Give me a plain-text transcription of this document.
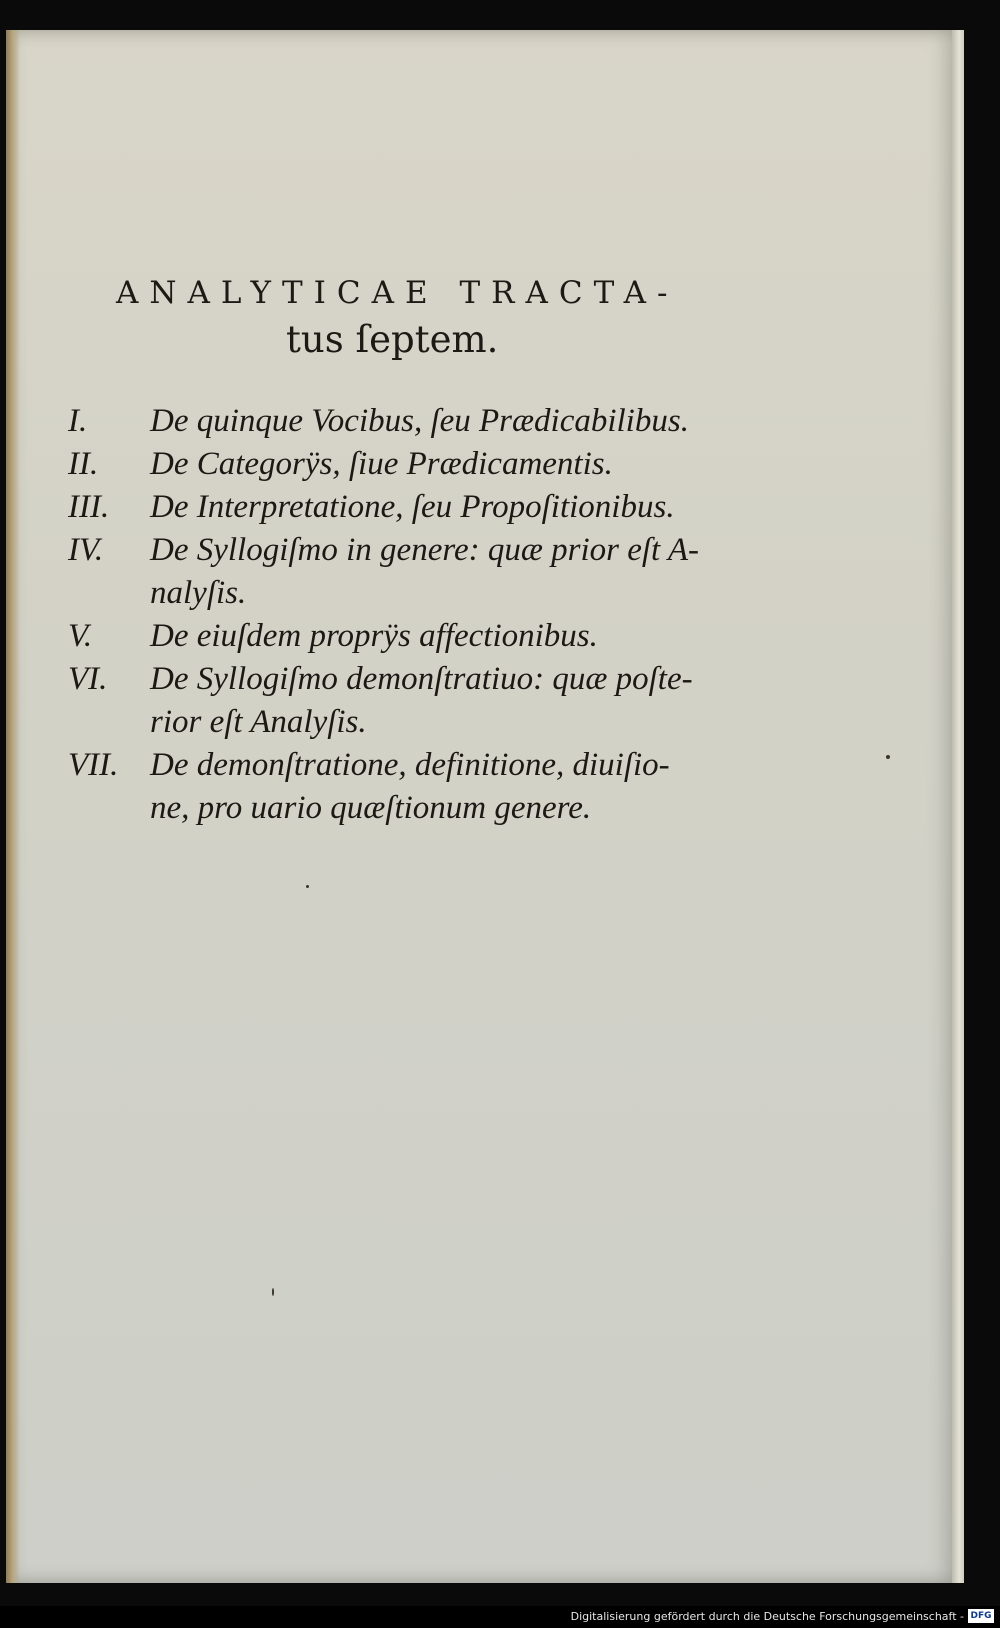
ANALYTICAE TRACTA-
tus ſeptem.
I.	De quinque Vocibus, ſeu Prædicabilibus.
II.	De Categorÿs, ſiue Prædicamentis.
III.	De Interpretatione, ſeu Propoſitionibus.
IV.	De Syllogiſmo in genere: quæ prior eſt A-
nalyſis.
V.	De eiuſdem proprÿs affectionibus.
VI.	De Syllogiſmo demonſtratiuo: quæ poſte-
rior eſt Analyſis.
VII. De demonſtratione, definitione, diuiſio-
ne, pro uario quæſtionum genere.
Digitalisierung gefördert durch die Deutsche Forschungsgemeinschaft - DFG
